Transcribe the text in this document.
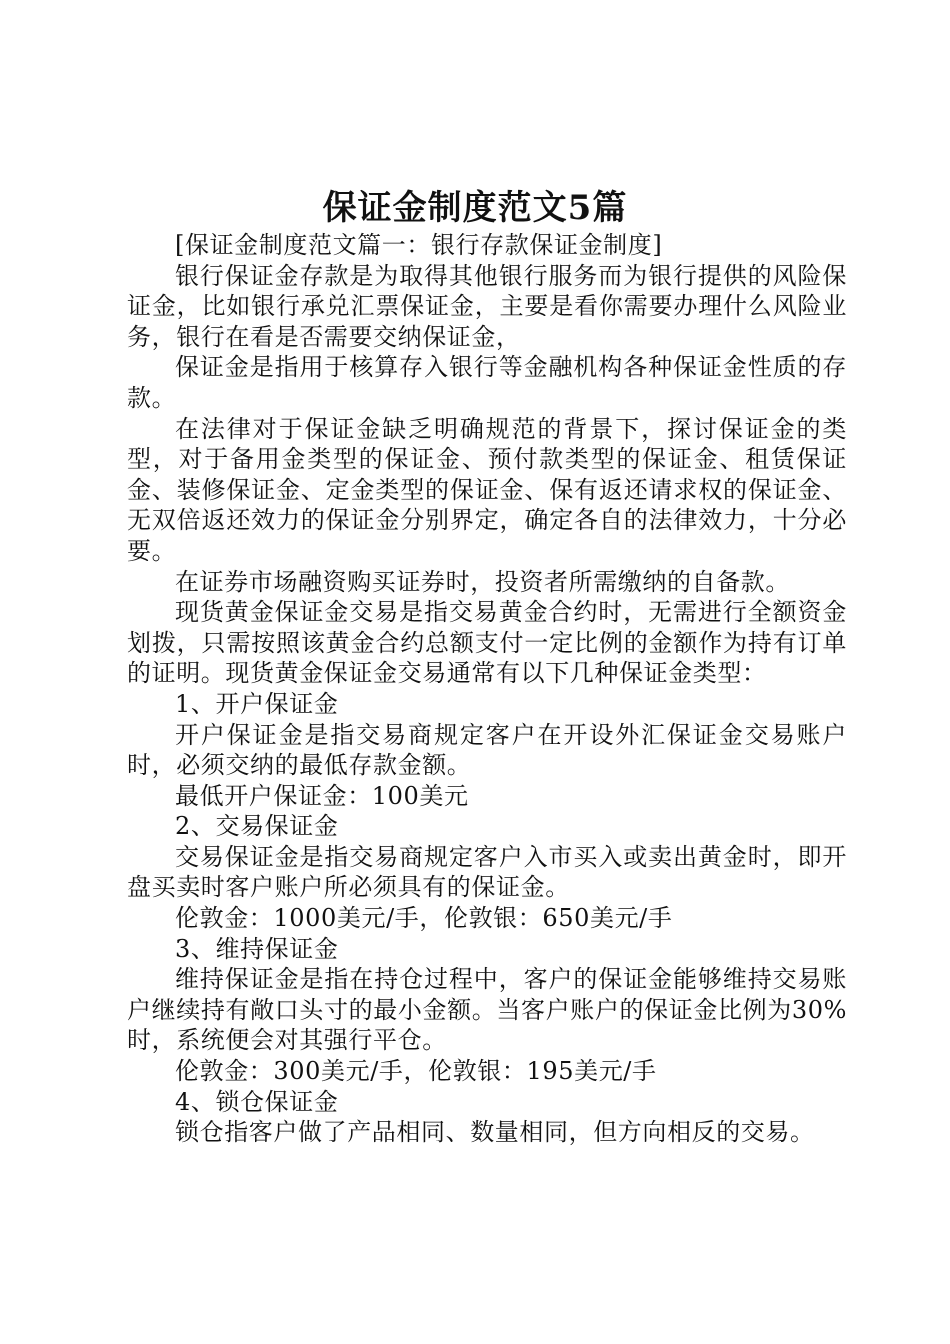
保证金制度范文5篇

[保证金制度范文篇一：银行存款保证金制度]

银行保证金存款是为取得其他银行服务而为银行提供的风险保证金，比如银行承兑汇票保证金，主要是看你需要办理什么风险业务，银行在看是否需要交纳保证金，

保证金是指用于核算存入银行等金融机构各种保证金性质的存款。

在法律对于保证金缺乏明确规范的背景下，探讨保证金的类型，对于备用金类型的保证金、预付款类型的保证金、租赁保证金、装修保证金、定金类型的保证金、保有返还请求权的保证金、无双倍返还效力的保证金分别界定，确定各自的法律效力，十分必要。

在证券市场融资购买证券时，投资者所需缴纳的自备款。

现货黄金保证金交易是指交易黄金合约时，无需进行全额资金划拨，只需按照该黄金合约总额支付一定比例的金额作为持有订单的证明。现货黄金保证金交易通常有以下几种保证金类型：

1、开户保证金

开户保证金是指交易商规定客户在开设外汇保证金交易账户时，必须交纳的最低存款金额。

最低开户保证金：100美元

2、交易保证金

交易保证金是指交易商规定客户入市买入或卖出黄金时，即开盘买卖时客户账户所必须具有的保证金。

伦敦金：1000美元/手，伦敦银：650美元/手

3、维持保证金

维持保证金是指在持仓过程中，客户的保证金能够维持交易账户继续持有敞口头寸的最小金额。当客户账户的保证金比例为30%时，系统便会对其强行平仓。

伦敦金：300美元/手，伦敦银：195美元/手

4、锁仓保证金

锁仓指客户做了产品相同、数量相同，但方向相反的交易。
